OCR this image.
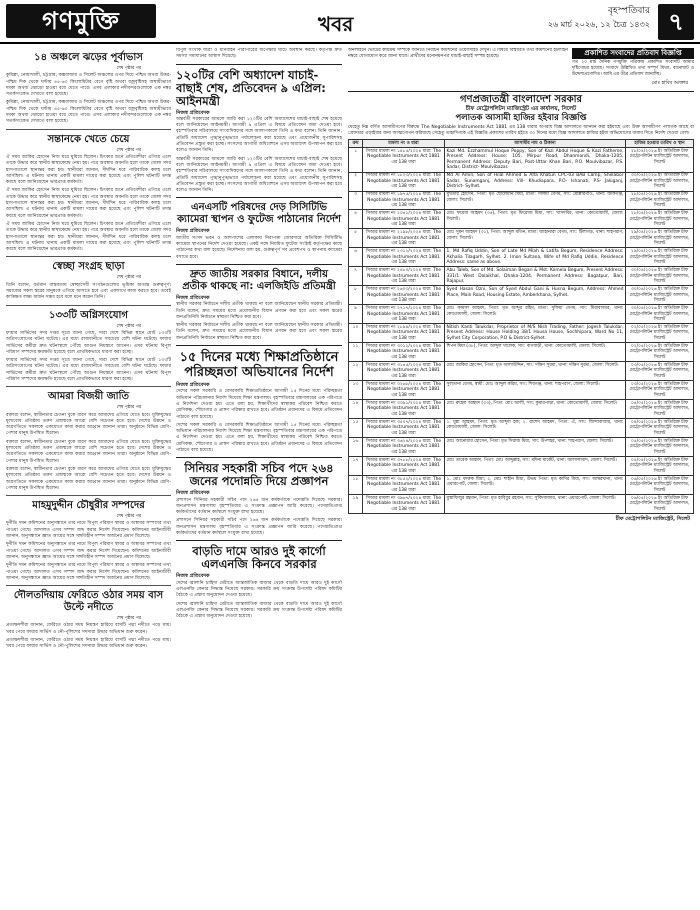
গণমুক্তি	খবর
বৃহস্পতিবার
২৬ মার্চ ২০২৬, ১২ চৈত্র ১৪৩২ ৭
১৪ অঞ্চলে ঝড়ের পূর্বাভাস
শেষ পৃষ্ঠার পর
কুমিল্লা, নোয়াখালী, চট্টগ্রাম, কক্সবাজার ও সিলেট অঞ্চলের ওপর দিয়ে পশ্চিম অথবা উত্তর-পশ্চিম দিক থেকে ঘণ্টায় ৪৫-৬০ কিলোমিটার বেগে বৃষ্টি অথবা বজ্রবৃষ্টিসহ অস্থায়ীভাবে দমকা অথবা ঝোড়ো হাওয়া বয়ে যেতে পারে। এসব এলাকার নদীবন্দরগুলোকে এক নম্বর সতর্কসংকেত দেখাতে বলা হয়েছে।
কুমিল্লা, নোয়াখালী, চট্টগ্রাম, কক্সবাজার ও সিলেট অঞ্চলের ওপর দিয়ে পশ্চিম অথবা উত্তর-পশ্চিম দিক থেকে ঘণ্টায় ৪৫-৬০ কিলোমিটার বেগে বৃষ্টি অথবা বজ্রবৃষ্টিসহ অস্থায়ীভাবে দমকা অথবা ঝোড়ো হাওয়া বয়ে যেতে পারে। এসব এলাকার নদীবন্দরগুলোকে এক নম্বর সতর্কসংকেত দেখাতে বলা হয়েছে।
সন্তানকে খেতে চেয়ে
শেষ পৃষ্ঠার পর
ঐ সময় জাকির হোসেন নিজ ঘরে ঘুমিয়ে ছিলেন। চিৎকার শুনে প্রতিবেশীরা এগিয়ে এলে তাকে উদ্ধার করে স্থানীয় স্বাস্থ্যকেন্দ্রে নেয়া হয়। পরে অবস্থার অবনতি হলে তাকে জেলা সদর হাসপাতালে স্থানান্তর করা হয়। স্থানীয়রা জানান, দীর্ঘদিন ধরে পারিবারিক কলহ চলে আসছিল। এ ঘটনায় থানায় একটি মামলা দায়ের করা হয়েছে এবং পুলিশ ঘটনাটি তদন্ত করছে বলে জানিয়েছেন ভারপ্রাপ্ত কর্মকর্তা।
ঐ সময় জাকির হোসেন নিজ ঘরে ঘুমিয়ে ছিলেন। চিৎকার শুনে প্রতিবেশীরা এগিয়ে এলে তাকে উদ্ধার করে স্থানীয় স্বাস্থ্যকেন্দ্রে নেয়া হয়। পরে অবস্থার অবনতি হলে তাকে জেলা সদর হাসপাতালে স্থানান্তর করা হয়। স্থানীয়রা জানান, দীর্ঘদিন ধরে পারিবারিক কলহ চলে আসছিল। এ ঘটনায় থানায় একটি মামলা দায়ের করা হয়েছে এবং পুলিশ ঘটনাটি তদন্ত করছে বলে জানিয়েছেন ভারপ্রাপ্ত কর্মকর্তা।
ঐ সময় জাকির হোসেন নিজ ঘরে ঘুমিয়ে ছিলেন। চিৎকার শুনে প্রতিবেশীরা এগিয়ে এলে তাকে উদ্ধার করে স্থানীয় স্বাস্থ্যকেন্দ্রে নেয়া হয়। পরে অবস্থার অবনতি হলে তাকে জেলা সদর হাসপাতালে স্থানান্তর করা হয়। স্থানীয়রা জানান, দীর্ঘদিন ধরে পারিবারিক কলহ চলে আসছিল। এ ঘটনায় থানায় একটি মামলা দায়ের করা হয়েছে এবং পুলিশ ঘটনাটি তদন্ত করছে বলে জানিয়েছেন ভারপ্রাপ্ত কর্মকর্তা।
স্বেচ্ছা সংগ্রহ ছাড়া
শেষ পৃষ্ঠার পর
তিনি বলেন, বর্তমান বাস্তবতায় স্বেচ্ছাসেবী সংগঠনগুলোর ভূমিকা অত্যন্ত গুরুত্বপূর্ণ। সমাজের সকল স্তরের মানুষকে এগিয়ে আসতে হবে এবং একসাথে কাজ করতে হবে। তবেই কাঙ্ক্ষিত লক্ষ্য অর্জন সম্ভব হবে বলে মনে করেন তিনি।
১৩৩টি অগ্নিসংযোগ
শেষ পৃষ্ঠার পর
ফায়ার সার্ভিসের সদর দপ্তর সূত্রে জানা গেছে, সারা দেশে বিভিন্ন স্থানে মোট ১৩৩টি অগ্নিসংযোগের ঘটনা ঘটেছে। এর মধ্যে রাজধানীতে সবচেয়ে বেশি ঘটনা ঘটেছে। ফায়ার সার্ভিসের কর্মীরা দ্রুত ঘটনাস্থলে পৌঁছে আগুন নিয়ন্ত্রণে আনেন। এসব ঘটনায় বিপুল পরিমাণ সম্পদের ক্ষয়ক্ষতি হয়েছে বলে প্রাথমিকভাবে ধারণা করা হচ্ছে।
ফায়ার সার্ভিসের সদর দপ্তর সূত্রে জানা গেছে, সারা দেশে বিভিন্ন স্থানে মোট ১৩৩টি অগ্নিসংযোগের ঘটনা ঘটেছে। এর মধ্যে রাজধানীতে সবচেয়ে বেশি ঘটনা ঘটেছে। ফায়ার সার্ভিসের কর্মীরা দ্রুত ঘটনাস্থলে পৌঁছে আগুন নিয়ন্ত্রণে আনেন। এসব ঘটনায় বিপুল পরিমাণ সম্পদের ক্ষয়ক্ষতি হয়েছে বলে প্রাথমিকভাবে ধারণা করা হচ্ছে।
আমরা বিজয়ী জাতি
শেষ পৃষ্ঠার পর
বক্তারা বলেন, স্বাধীনতার চেতনা বুকে ধারণ করে আমাদের এগিয়ে যেতে হবে। মুক্তিযুদ্ধের মূল্যবোধ প্রতিষ্ঠায় তরুণ প্রজন্মকে আরো বেশি সচেতন হতে হবে। দেশের উন্নয়ন ও অগ্রগতিতে সকলকে একযোগে কাজ করার আহ্বান জানান তারা। অনুষ্ঠানে বিভিন্ন শ্রেণি-পেশার মানুষ উপস্থিত ছিলেন।
বক্তারা বলেন, স্বাধীনতার চেতনা বুকে ধারণ করে আমাদের এগিয়ে যেতে হবে। মুক্তিযুদ্ধের মূল্যবোধ প্রতিষ্ঠায় তরুণ প্রজন্মকে আরো বেশি সচেতন হতে হবে। দেশের উন্নয়ন ও অগ্রগতিতে সকলকে একযোগে কাজ করার আহ্বান জানান তারা। অনুষ্ঠানে বিভিন্ন শ্রেণি-পেশার মানুষ উপস্থিত ছিলেন।
বক্তারা বলেন, স্বাধীনতার চেতনা বুকে ধারণ করে আমাদের এগিয়ে যেতে হবে। মুক্তিযুদ্ধের মূল্যবোধ প্রতিষ্ঠায় তরুণ প্রজন্মকে আরো বেশি সচেতন হতে হবে। দেশের উন্নয়ন ও অগ্রগতিতে সকলকে একযোগে কাজ করার আহ্বান জানান তারা। অনুষ্ঠানে বিভিন্ন শ্রেণি-পেশার মানুষ উপস্থিত ছিলেন।
মাহমুদুদ্দীন চৌধুরীর সম্পদের
শেষ পৃষ্ঠার পর
দুর্নীতি দমন কমিশনের অনুসন্ধানে তার নামে বিপুল পরিমাণ স্থাবর ও অস্থাবর সম্পদের তথ্য পাওয়া গেছে। আদালত এসব সম্পদ জব্দ করার নির্দেশ দিয়েছেন। কমিশনের আইনজীবী জানান, অনুসন্ধানে জ্ঞাত আয়ের সঙ্গে সঙ্গতিহীন সম্পদ অর্জনের প্রমাণ মিলেছে।
দুর্নীতি দমন কমিশনের অনুসন্ধানে তার নামে বিপুল পরিমাণ স্থাবর ও অস্থাবর সম্পদের তথ্য পাওয়া গেছে। আদালত এসব সম্পদ জব্দ করার নির্দেশ দিয়েছেন। কমিশনের আইনজীবী জানান, অনুসন্ধানে জ্ঞাত আয়ের সঙ্গে সঙ্গতিহীন সম্পদ অর্জনের প্রমাণ মিলেছে।
দুর্নীতি দমন কমিশনের অনুসন্ধানে তার নামে বিপুল পরিমাণ স্থাবর ও অস্থাবর সম্পদের তথ্য পাওয়া গেছে। আদালত এসব সম্পদ জব্দ করার নির্দেশ দিয়েছেন। কমিশনের আইনজীবী জানান, অনুসন্ধানে জ্ঞাত আয়ের সঙ্গে সঙ্গতিহীন সম্পদ অর্জনের প্রমাণ মিলেছে।
দৌলতদিয়ায় ফেরিতে ওঠার সময় বাস উল্টে নদীতে
শেষ পৃষ্ঠার পর
প্রত্যক্ষদর্শীরা জানান, ফেরিতে ওঠার সময় নিয়ন্ত্রণ হারিয়ে বাসটি পদ্মা নদীতে পড়ে যায়। খবর পেয়ে ফায়ার সার্ভিস ও নৌ-পুলিশের সদস্যরা উদ্ধার অভিযান শুরু করেন।
প্রত্যক্ষদর্শীরা জানান, ফেরিতে ওঠার সময় নিয়ন্ত্রণ হারিয়ে বাসটি পদ্মা নদীতে পড়ে যায়। খবর পেয়ে ফায়ার সার্ভিস ও নৌ-পুলিশের সদস্যরা উদ্ধার অভিযান শুরু করেন।
বিপুল সংখ্যক যাত্রী ও যানবাহন পারাপারের অপেক্ষায় ঘাটে অবস্থান করছে। কর্তৃপক্ষ দ্রুত সমস্যা সমাধানের আশ্বাস দিয়েছে।
১২০টির বেশি অধ্যাদেশ যাচাই-বাছাই শেষ, প্রতিবেদন ৯ এপ্রিল: আইনমন্ত্রী
নিজস্ব প্রতিবেদক
অন্তর্বর্তী সরকারের আমলে জারি করা ১২০টির বেশি অধ্যাদেশের যাচাই-বাছাই শেষ হয়েছে বলে জানিয়েছেন আইনমন্ত্রী। আগামী ৯ এপ্রিল এ বিষয়ে প্রতিবেদন জমা দেওয়া হবে। বৃহস্পতিবার সচিবালয়ে সাংবাদিকদের সঙ্গে আলাপকালে তিনি এ কথা বলেন। তিনি জানান, প্রতিটি অধ্যাদেশ পুঙ্খানুপুঙ্খভাবে পর্যালোচনা করা হয়েছে এবং প্রয়োজনীয় সুপারিশসহ প্রতিবেদন প্রস্তুত করা হচ্ছে। সংসদের আগামী অধিবেশনে এসব অধ্যাদেশ উপস্থাপন করা হবে বলেও জানান তিনি।
অন্তর্বর্তী সরকারের আমলে জারি করা ১২০টির বেশি অধ্যাদেশের যাচাই-বাছাই শেষ হয়েছে বলে জানিয়েছেন আইনমন্ত্রী। আগামী ৯ এপ্রিল এ বিষয়ে প্রতিবেদন জমা দেওয়া হবে। বৃহস্পতিবার সচিবালয়ে সাংবাদিকদের সঙ্গে আলাপকালে তিনি এ কথা বলেন। তিনি জানান, প্রতিটি অধ্যাদেশ পুঙ্খানুপুঙ্খভাবে পর্যালোচনা করা হয়েছে এবং প্রয়োজনীয় সুপারিশসহ প্রতিবেদন প্রস্তুত করা হচ্ছে। সংসদের আগামী অধিবেশনে এসব অধ্যাদেশ উপস্থাপন করা হবে বলেও জানান তিনি।
এনএসটি পরিষদের দেড় সিসিটিভি ক্যামেরা স্থাপন ও ফুটেজ পাঠানোর নির্দেশ
নিজস্ব প্রতিবেদক
জাতীয় সংসদ ভবন ও আশপাশের এলাকায় নিরাপত্তা জোরদারে অতিরিক্ত সিসিটিভি ক্যামেরা স্থাপনের নির্দেশ দেওয়া হয়েছে। একই সঙ্গে নিয়মিত ফুটেজ সংশ্লিষ্ট কর্তৃপক্ষের কাছে পাঠানোর কথা বলা হয়েছে। নির্দেশনায় বলা হয়, গুরুত্বপূর্ণ সব প্রবেশপথ ও স্থাপনায় ক্যামেরা বসাতে হবে।
দ্রুত জাতীয় সরকার বিধানে, দলীয় প্রতীক থাকছে না: এলজিইডি প্রতিমন্ত্রী
নিজস্ব প্রতিবেদক
স্থানীয় সরকার নির্বাচনে দলীয় প্রতীক থাকছে না বলে জানিয়েছেন স্থানীয় সরকার প্রতিমন্ত্রী। তিনি বলেন, দ্রুত সময়ের মধ্যে প্রয়োজনীয় বিধান প্রণয়ন করা হবে এবং সকল স্তরের জনপ্রতিনিধি নির্বাচনে স্বচ্ছতা নিশ্চিত করা হবে।
স্থানীয় সরকার নির্বাচনে দলীয় প্রতীক থাকছে না বলে জানিয়েছেন স্থানীয় সরকার প্রতিমন্ত্রী। তিনি বলেন, দ্রুত সময়ের মধ্যে প্রয়োজনীয় বিধান প্রণয়ন করা হবে এবং সকল স্তরের জনপ্রতিনিধি নির্বাচনে স্বচ্ছতা নিশ্চিত করা হবে।
১৫ দিনের মধ্যে শিক্ষাপ্রতিষ্ঠানে পরিচ্ছন্নতা অভিযানের নির্দেশ
নিজস্ব প্রতিবেদক
দেশের সকল সরকারি ও বেসরকারি শিক্ষাপ্রতিষ্ঠানে আগামী ১৫ দিনের মধ্যে পরিচ্ছন্নতা অভিযান পরিচালনার নির্দেশ দিয়েছে শিক্ষা মন্ত্রণালয়। বৃহস্পতিবার মন্ত্রণালয়ের এক পরিপত্রে এ নির্দেশনা দেওয়া হয়। এতে বলা হয়, শিক্ষার্থীদের স্বাস্থ্যকর পরিবেশ নিশ্চিত করতে শ্রেণিকক্ষ, শৌচাগার ও প্রাঙ্গণ পরিষ্কার রাখতে হবে। প্রতিষ্ঠান প্রধানদের এ বিষয়ে প্রতিবেদন পাঠাতে বলা হয়েছে।
দেশের সকল সরকারি ও বেসরকারি শিক্ষাপ্রতিষ্ঠানে আগামী ১৫ দিনের মধ্যে পরিচ্ছন্নতা অভিযান পরিচালনার নির্দেশ দিয়েছে শিক্ষা মন্ত্রণালয়। বৃহস্পতিবার মন্ত্রণালয়ের এক পরিপত্রে এ নির্দেশনা দেওয়া হয়। এতে বলা হয়, শিক্ষার্থীদের স্বাস্থ্যকর পরিবেশ নিশ্চিত করতে শ্রেণিকক্ষ, শৌচাগার ও প্রাঙ্গণ পরিষ্কার রাখতে হবে। প্রতিষ্ঠান প্রধানদের এ বিষয়ে প্রতিবেদন পাঠাতে বলা হয়েছে।
সিনিয়র সহকারী সচিব পদে ২৬৪ জনের পদোন্নতি দিয়ে প্রজ্ঞাপন
নিজস্ব প্রতিবেদক
প্রশাসনে সিনিয়র সহকারী সচিব পদে ২৬৪ জন কর্মকর্তাকে পদোন্নতি দিয়েছে সরকার। জনপ্রশাসন মন্ত্রণালয় বৃহস্পতিবার এ সংক্রান্ত প্রজ্ঞাপন জারি করেছে। পদোন্নতিপ্রাপ্ত কর্মকর্তাদের বর্তমান কর্মস্থলে সংযুক্ত রাখা হয়েছে।
প্রশাসনে সিনিয়র সহকারী সচিব পদে ২৬৪ জন কর্মকর্তাকে পদোন্নতি দিয়েছে সরকার। জনপ্রশাসন মন্ত্রণালয় বৃহস্পতিবার এ সংক্রান্ত প্রজ্ঞাপন জারি করেছে। পদোন্নতিপ্রাপ্ত কর্মকর্তাদের বর্তমান কর্মস্থলে সংযুক্ত রাখা হয়েছে।
বাড়তি দামে আরও দুই কার্গো এলএনজি কিনবে সরকার
নিজস্ব প্রতিবেদক
দেশের জ্বালানি চাহিদা মেটাতে আন্তর্জাতিক বাজার থেকে বাড়তি দামে আরও দুই কার্গো এলএনজি কেনার সিদ্ধান্ত নিয়েছে সরকার। সরকারি ক্রয় সংক্রান্ত উপদেষ্টা পরিষদ কমিটির বৈঠকে এ প্রস্তাব অনুমোদন দেওয়া হয়েছে।
দেশের জ্বালানি চাহিদা মেটাতে আন্তর্জাতিক বাজার থেকে বাড়তি দামে আরও দুই কার্গো এলএনজি কেনার সিদ্ধান্ত নিয়েছে সরকার। সরকারি ক্রয় সংক্রান্ত উপদেষ্টা পরিষদ কমিটির বৈঠকে এ প্রস্তাব অনুমোদন দেওয়া হয়েছে।
অনলাইনে ভোটের কার্যক্রম সম্পর্কে জানতে নির্বাচন কমিশনের ওয়েবসাইট দেখুন। এ বিষয়ে বিস্তারিত তথ্য কমিশনের হটলাইন নম্বরে যোগাযোগ করে জানা যাবে। প্রার্থীদের মনোনয়নপত্র যাচাই-বাছাই সম্পন্ন হয়েছে।	প্রকাশিত সংবাদের প্রতিবাদ বিজ্ঞপ্তি
গত ২০ মার্চ দৈনিক গণমুক্তি পত্রিকায় প্রকাশিত সংবাদটি আমার দৃষ্টিগোচর হয়েছে। সংবাদে উল্লিখিত তথ্য সম্পূর্ণ মিথ্যা, বানোয়াট ও উদ্দেশ্যপ্রণোদিত। আমি এর তীব্র প্রতিবাদ জানাচ্ছি।
মোঃ হাবিব আক্তার
গণপ্রজাতন্ত্রী বাংলাদেশ সরকার
চীফ মেট্রোপলিটন ম্যাজিস্ট্রেট এর কার্যালয়, সিলেট
পলাতক আসামী হাজির হইবার বিজ্ঞপ্তি
যেহেতু নিম্ন বর্ণিত আসামীগণের বিরুদ্ধে The Negotiable Instruments Act 1881 এর 138 ধারার অপরাধ বিজ্ঞ আদালতে আনয়ন করা হইয়াছে এবং উক্ত আসামীগণ পলাতক আছে বা গ্রেফতার এড়াইবার জন্য আত্মগোপন করিয়াছে সেহেতু তাহাদিগকে এই বিজ্ঞপ্তি প্রকাশের তারিখ হইতে ৩০ দিনের মধ্যে বিজ্ঞ আদালতে হাজির হইয়া অভিযোগের জবাব দিতে নির্দেশ দেওয়া গেল।
ক্রম	মামলা নং ও ধারা	আসামীর নাম ও ঠিকানা	হাজির হওয়ার তারিখ ও স্থান
১	সিআর মামলা নং ১৪৮৫/২০২৪ ধারা: The Negotiable Instruments Act 1881 এর 138 ধারা	Kazi Md. Ezzhammul Hoque Poppy, Son of Kazi Abdul Hoque & Kazi Fatheme, Present Address: House: 105, Mirpur Road, Dhanmondi, Dhaka-1205, Permanent Address: Deputy Bari, Post-Uttar Khan Bari, P.O. Moulvibazar, P.S. Sadar, District- Moulvibazar.	২৮/০৪/২০২৬ ইং অতিরিক্ত চীফ মেট্রোপলিটন ম্যাজিস্ট্রেট আদালত, সিলেট
২	সিআর মামলা নং ১৮২৩/২০২৪ ধারা: The Negotiable Instruments Act 1881 এর 138 ধারা	Md Al Amin, Son of Hilal Ahmed & Alfa Khatun CPC-03 BAB Camp, Shelabor Sadar, Sunamganj, Address: Vill- Khudiapara, P.O- Ishanati, P.S- Jakiganj, District- Sylhet.	৩০/০৪/২০২৬ ইং অতিরিক্ত চীফ মেট্রোপলিটন ম্যাজিস্ট্রেট আদালত, সিলেট
৩	সিআর মামলা নং ১৯৭৫/২০২৪ ধারা: The Negotiable Instruments Act 1881 এর 138 ধারা	মুখতার হোসেন, পিতা: মৃত ছোলেমান মিয়া, মাতা: সালমা বেগম, সাং: মোল্লারগাঁও, থানা: জকিগঞ্জ, জেলা: সিলেট।	২৮/০৪/২০২৬ ইং অতিরিক্ত চীফ মেট্রোপলিটন ম্যাজিস্ট্রেট আদালত, সিলেট
৪	সিআর মামলা নং ২০৪১/২০২৪ ধারা: The Negotiable Instruments Act 1881 এর 138 ধারা	মোঃ ফয়েজ আহমদ (৩৫), পিতা: মৃত ফিরোজ মিয়া, সাং: খাসদবির, থানা: কোতোয়ালী, জেলা: সিলেট।	২৮/০৪/২০২৬ ইং অতিরিক্ত চীফ মেট্রোপলিটন ম্যাজিস্ট্রেট আদালত, সিলেট
৫	সিআর মামলা নং ২১৯৮/২০২৪ ধারা: The Negotiable Instruments Act 1881 এর 138 ধারা	মোঃ সুমন আহমদ (৩১), পিতা: আব্দুল মতিন, মাতা: জাহানারা বেগম, সাং: টিলাগড়, থানা: শাহপরাণ, জেলা: সিলেট।	২৯/০৪/২০২৬ ইং অতিরিক্ত চীফ মেট্রোপলিটন ম্যাজিস্ট্রেট আদালত, সিলেট
৬	সিআর মামলা নং ২৩১২/২০২৪ ধারা: The Negotiable Instruments Act 1881 এর 138 ধারা	1. Md Rafiq Uddin, Son of Late Md Miah & Latifa Begum, Residence Address: Akhalia Tilagarh, Sylhet. 2. Imon Sultana, Wife of Md Rafiq Uddin, Residence Address: same as above.	২৯/০৪/২০২৬ ইং অতিরিক্ত চীফ মেট্রোপলিটন ম্যাজিস্ট্রেট আদালত, সিলেট
৭	সিআর মামলা নং ২৪৮০/২০২৪ ধারা: The Negotiable Instruments Act 1881 এর 138 ধারা	Abu Taleb, Son of Md. Solaiman Begari & Mst. Komela Begum, Present Address: 331/1 West Dolaikhal, Dhaka-1204, Permanent Address: Bagatpur, Bari, Rajapur.	৩০/০৪/২০২৬ ইং অতিরিক্ত চীফ মেট্রোপলিটন ম্যাজিস্ট্রেট আদালত, সিলেট
৮	সিআর মামলা নং ২৬০৩/২০২৪ ধারা: The Negotiable Instruments Act 1881 এর 138 ধারা	Syed Hasan Ozni, Son of Syed Abdul Gani & Husna Begum, Address: Ahmed Place, Main Road, Housing Estate, Amberkhana, Sylhet.	৩০/০৪/২০২৬ ইং অতিরিক্ত চীফ মেট্রোপলিটন ম্যাজিস্ট্রেট আদালত, সিলেট
৯	সিআর মামলা নং ২৭১৭/২০২৪ ধারা: The Negotiable Instruments Act 1881 এর 138 ধারা	মোঃ কামাল আহমদ, পিতা: মৃত আব্দুর রহিম, মাতা: সুফিয়া বেগম, সাং: মিরাবাজার, থানা: কোতোয়ালী, জেলা: সিলেট।	৩০/০৪/২০২৬ ইং অতিরিক্ত চীফ মেট্রোপলিটন ম্যাজিস্ট্রেট আদালত, সিলেট
১০	সিআর মামলা নং ২৮৯৪/২০২৪ ধারা: The Negotiable Instruments Act 1881 এর 138 ধারা	Nitish Kanti Talukdar, Proprietor of M/S Nish Trading, Father: Jogesh Talukdar, Present Address: House Holding 38/1 Housa House, Sochhipara, Ward No 11, Sylhet City Corporation, P.O & District-Sylhet.	০২/০৫/২০২৬ ইং অতিরিক্ত চীফ মেট্রোপলিটন ম্যাজিস্ট্রেট আদালত, সিলেট
১১	সিআর মামলা নং ৩০১২/২০২৪ ধারা: The Negotiable Instruments Act 1881 এর 138 ধারা	শিপন মিয়া (৩৮), পিতা: আব্দুল খালেক, সাং: বাগবাড়ী, থানা: কোতোয়ালী, জেলা: সিলেট।	০২/০৫/২০২৬ ইং অতিরিক্ত চীফ মেট্রোপলিটন ম্যাজিস্ট্রেট আদালত, সিলেট
১২	সিআর মামলা নং ৩১৪৫/২০২৪ ধারা: The Negotiable Instruments Act 1881 এর 138 ধারা	মোঃ জাকির হোসেন, পিতা: মৃত আলাউদ্দিন, সাং: দক্ষিণ সুরমা, থানা: দক্ষিণ সুরমা, জেলা: সিলেট।	০৩/০৫/২০২৬ ইং অতিরিক্ত চীফ মেট্রোপলিটন ম্যাজিস্ট্রেট আদালত, সিলেট
১৩	সিআর মামলা নং ৩২৬৮/২০২৪ ধারা: The Negotiable Instruments Act 1881 এর 138 ধারা	সুলতানা বেগম, স্বামী: মোঃ আব্দুল করিম, সাং: শিবগঞ্জ, থানা: শাহপরাণ, জেলা: সিলেট।	০৩/০৫/২০২৬ ইং অতিরিক্ত চীফ মেট্রোপলিটন ম্যাজিস্ট্রেট আদালত, সিলেট
১৪	সিআর মামলা নং ৩৩৯১/২০২৪ ধারা: The Negotiable Instruments Act 1881 এর 138 ধারা	মোঃ রুহেল আহমদ (৩৩), পিতা: মোঃ আলী, সাং: কুমারপাড়া, থানা: কোতোয়ালী, জেলা: সিলেট।	০৪/০৫/২০২৬ ইং অতিরিক্ত চীফ মেট্রোপলিটন ম্যাজিস্ট্রেট আদালত, সিলেট
১৫	সিআর মামলা নং ৩৫০৭/২০২৪ ধারা: The Negotiable Instruments Act 1881 এর 138 ধারা	১. মুন্না আহমদ, পিতা: মৃত আব্দুল হক; ২. রাশেদ আহমদ, পিতা: ঐ, সাং: জিন্দাবাজার, থানা: কোতোয়ালী, জেলা: সিলেট।	০৪/০৫/২০২৬ ইং অতিরিক্ত চীফ মেট্রোপলিটন ম্যাজিস্ট্রেট আদালত, সিলেট
১৬	সিআর মামলা নং ৩৬২৪/২০২৪ ধারা: The Negotiable Instruments Act 1881 এর 138 ধারা	মোঃ আনোয়ার হোসেন, পিতা: মৃত সিরাজ মিয়া, সাং: উপশহর, থানা: শাহপরাণ, জেলা: সিলেট।	০৫/০৫/২০২৬ ইং অতিরিক্ত চীফ মেট্রোপলিটন ম্যাজিস্ট্রেট আদালত, সিলেট
১৭	সিআর মামলা নং ৩৭৮৮/২০২৪ ধারা: The Negotiable Instruments Act 1881 এর 138 ধারা	মোঃ তারেক আহমদ, পিতা: মোঃ আব্দুল্লাহ, সাং: মদিনা মার্কেট, থানা: জালালাবাদ, জেলা: সিলেট।	০৫/০৫/২০২৬ ইং অতিরিক্ত চীফ মেট্রোপলিটন ম্যাজিস্ট্রেট আদালত, সিলেট
১৮	সিআর মামলা নং ৩৮৫২/২০২৪ ধারা: The Negotiable Instruments Act 1881 এর 138 ধারা	১. মোঃ ফারুক মিয়া; ২. মোঃ শাহীন মিয়া, উভয় পিতা: মৃত কাদির মিয়া, সাং: আম্বরখানা, থানা: এয়ারপোর্ট, জেলা: সিলেট।	০৬/০৫/২০২৬ ইং অতিরিক্ত চীফ মেট্রোপলিটন ম্যাজিস্ট্রেট আদালত, সিলেট
১৯	সিআর মামলা নং ৩৯৬৭/২০২৪ ধারা: The Negotiable Instruments Act 1881 এর 138 ধারা	মুস্তাফিজুর রহমান, পিতা: মৃত হাবিবুর রহমান, সাং: সুবিদবাজার, থানা: এয়ারপোর্ট, জেলা: সিলেট।	০৬/০৫/২০২৬ ইং অতিরিক্ত চীফ মেট্রোপলিটন ম্যাজিস্ট্রেট আদালত, সিলেট
চীফ মেট্রোপলিটন ম্যাজিস্ট্রেট, সিলেট
